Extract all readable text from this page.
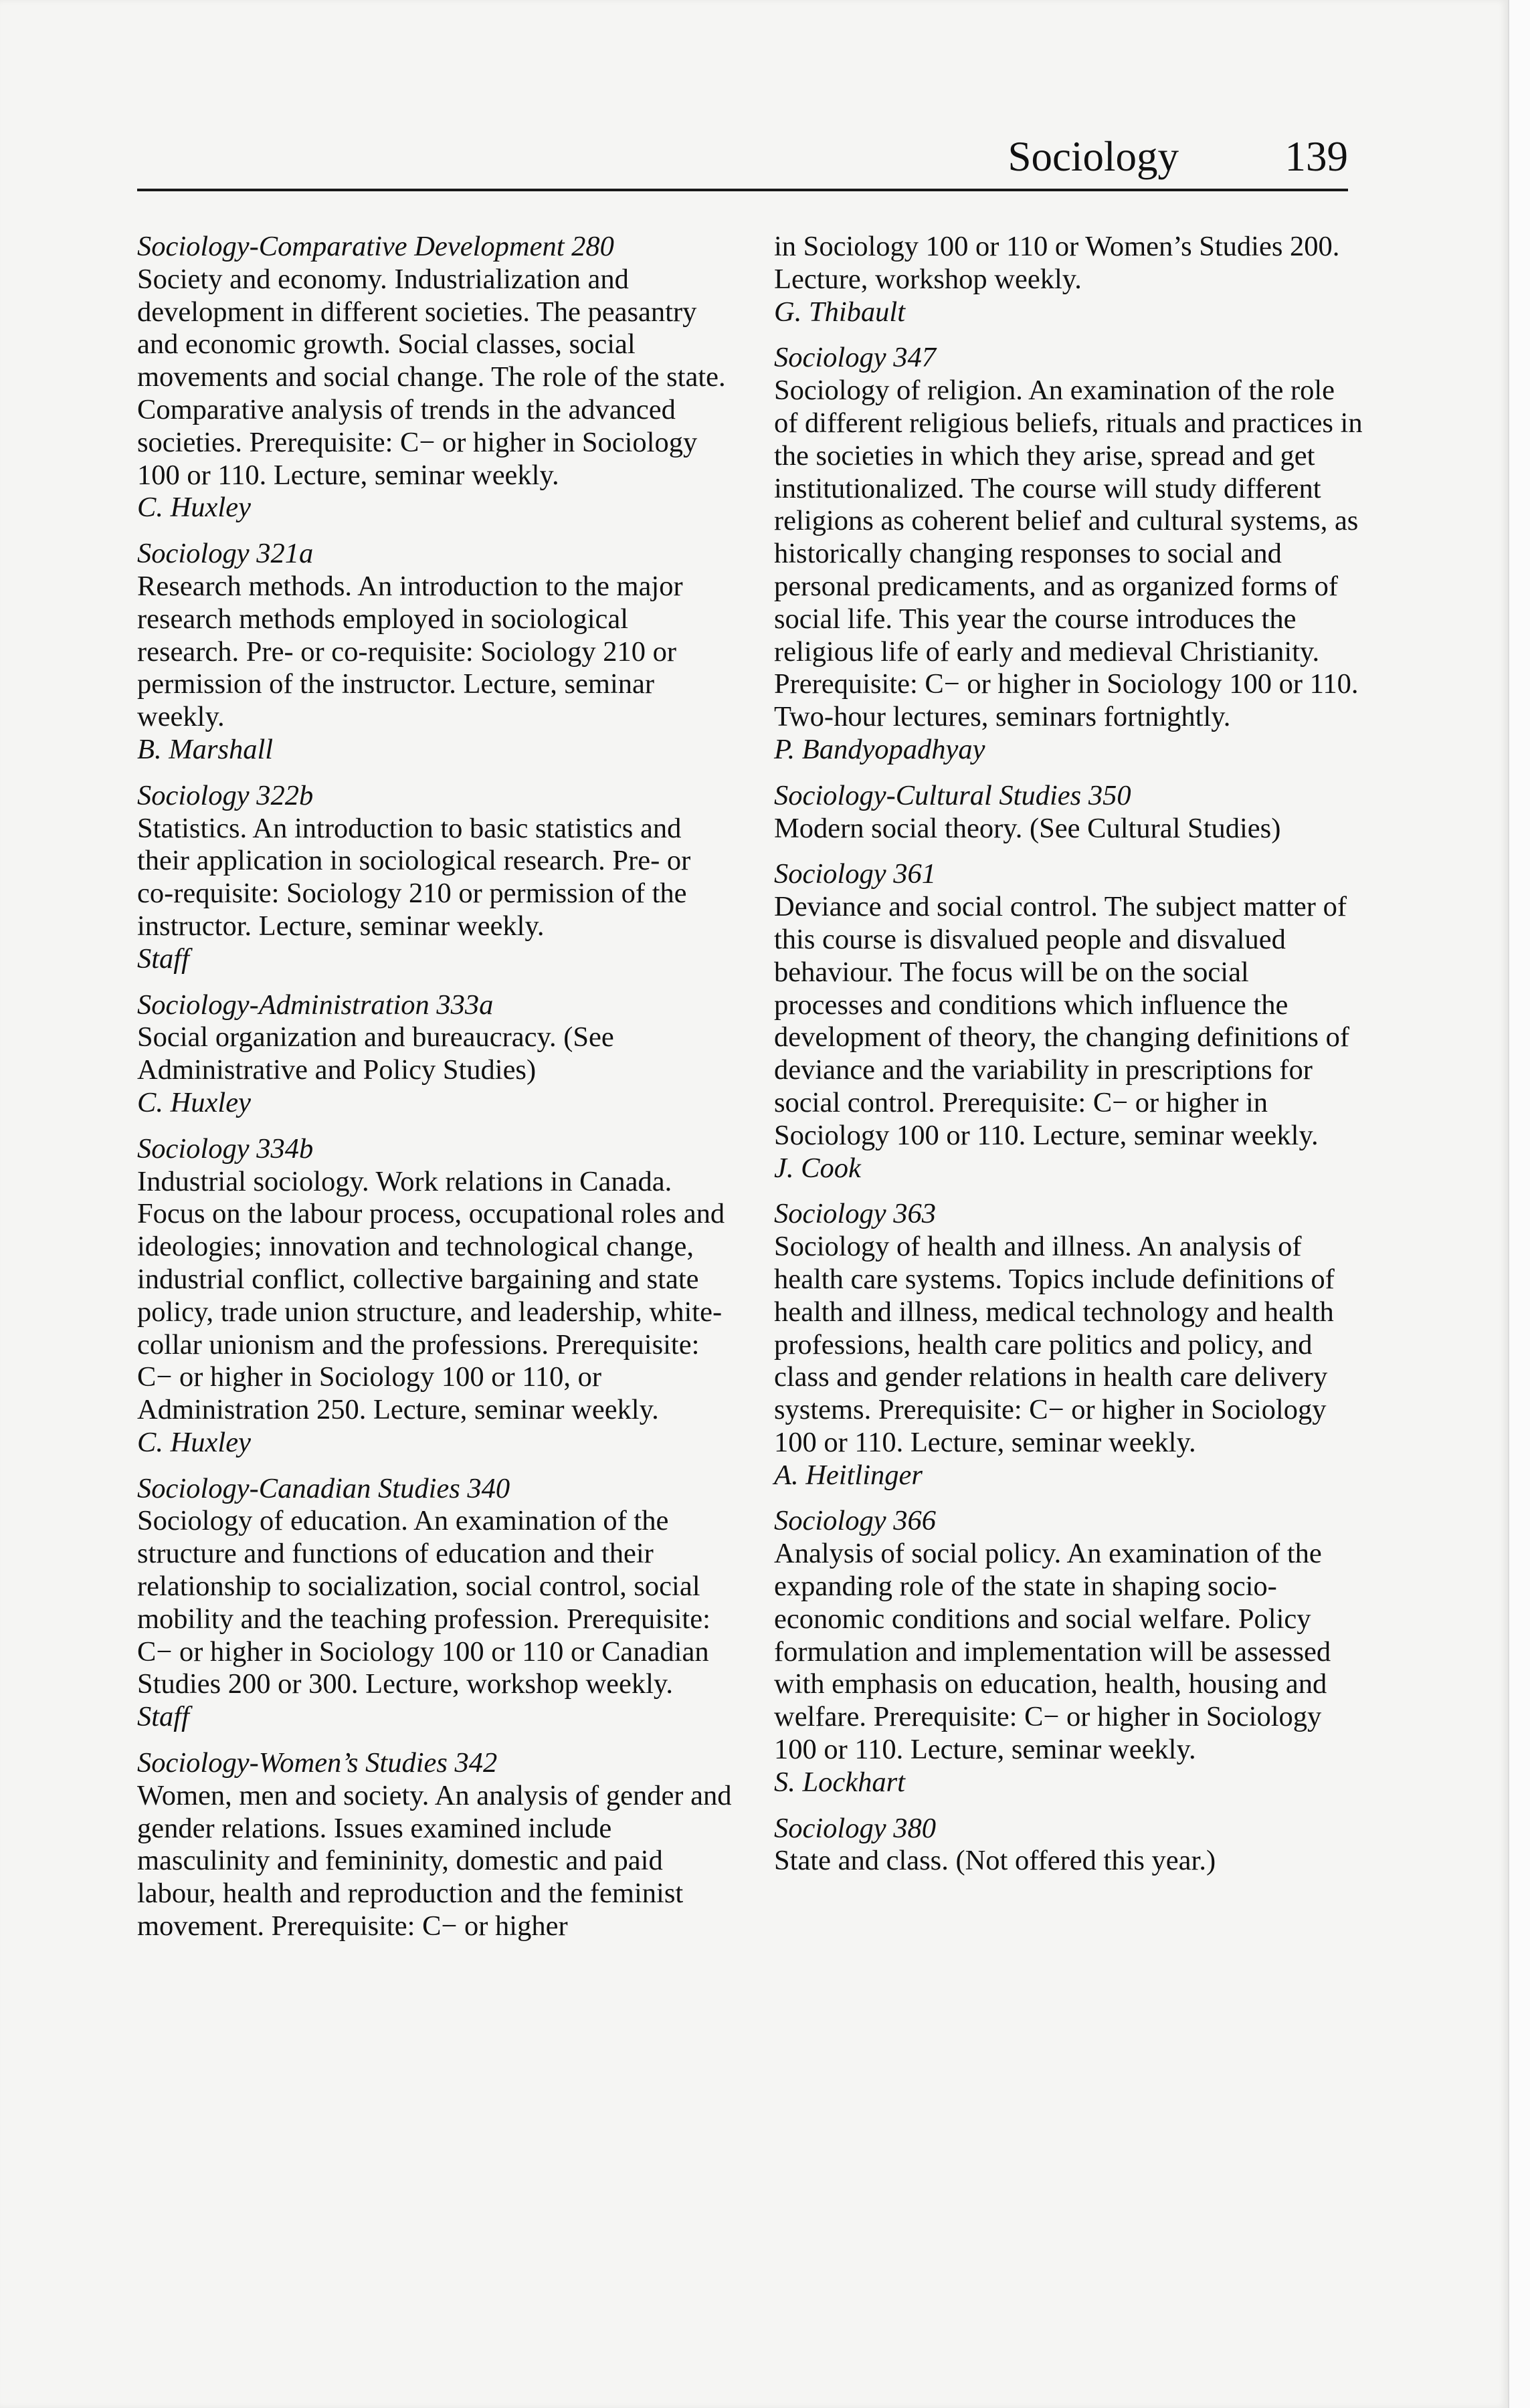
Sociology	139
Sociology-Comparative Development 280
Society and economy. Industrialization and development in different societies. The peasantry and economic growth. Social classes, social movements and social change. The role of the state. Comparative analysis of trends in the advanced societies. Prerequisite: C− or higher in Sociology 100 or 110. Lecture, seminar weekly.
C. Huxley
Sociology 321a
Research methods. An introduction to the major research methods employed in sociological research. Pre- or co-requisite: Sociology 210 or permission of the instructor. Lecture, seminar weekly.
B. Marshall
Sociology 322b
Statistics. An introduction to basic statistics and their application in sociological research. Pre- or co-requisite: Sociology 210 or permission of the instructor. Lecture, seminar weekly.
Staff
Sociology-Administration 333a
Social organization and bureaucracy. (See Administrative and Policy Studies)
C. Huxley
Sociology 334b
Industrial sociology. Work relations in Canada. Focus on the labour process, occupational roles and ideologies; innovation and technological change, industrial conflict, collective bargaining and state policy, trade union structure, and leadership, white-collar unionism and the professions. Prerequisite: C− or higher in Sociology 100 or 110, or Administration 250. Lecture, seminar weekly.
C. Huxley
Sociology-Canadian Studies 340
Sociology of education. An examination of the structure and functions of education and their relationship to socialization, social control, social mobility and the teaching profession. Prerequisite: C− or higher in Sociology 100 or 110 or Canadian Studies 200 or 300. Lecture, workshop weekly.
Staff
Sociology-Women’s Studies 342
Women, men and society. An analysis of gender and gender relations. Issues examined include masculinity and femininity, domestic and paid labour, health and reproduction and the feminist movement. Prerequisite: C− or higher
in Sociology 100 or 110 or Women’s Studies 200. Lecture, workshop weekly.
G. Thibault
Sociology 347
Sociology of religion. An examination of the role of different religious beliefs, rituals and practices in the societies in which they arise, spread and get institutionalized. The course will study different religions as coherent belief and cultural systems, as historically changing responses to social and personal predicaments, and as organized forms of social life. This year the course introduces the religious life of early and medieval Christianity. Prerequisite: C− or higher in Sociology 100 or 110. Two-hour lectures, seminars fortnightly.
P. Bandyopadhyay
Sociology-Cultural Studies 350
Modern social theory. (See Cultural Studies)
Sociology 361
Deviance and social control. The subject matter of this course is disvalued people and disvalued behaviour. The focus will be on the social processes and conditions which influence the development of theory, the changing definitions of deviance and the variability in prescriptions for social control. Prerequisite: C− or higher in Sociology 100 or 110. Lecture, seminar weekly.
J. Cook
Sociology 363
Sociology of health and illness. An analysis of health care systems. Topics include definitions of health and illness, medical technology and health professions, health care politics and policy, and class and gender relations in health care delivery systems. Prerequisite: C− or higher in Sociology 100 or 110. Lecture, seminar weekly.
A. Heitlinger
Sociology 366
Analysis of social policy. An examination of the expanding role of the state in shaping socio-economic conditions and social welfare. Policy formulation and implementation will be assessed with emphasis on education, health, housing and welfare. Prerequisite: C− or higher in Sociology 100 or 110. Lecture, seminar weekly.
S. Lockhart
Sociology 380
State and class. (Not offered this year.)
